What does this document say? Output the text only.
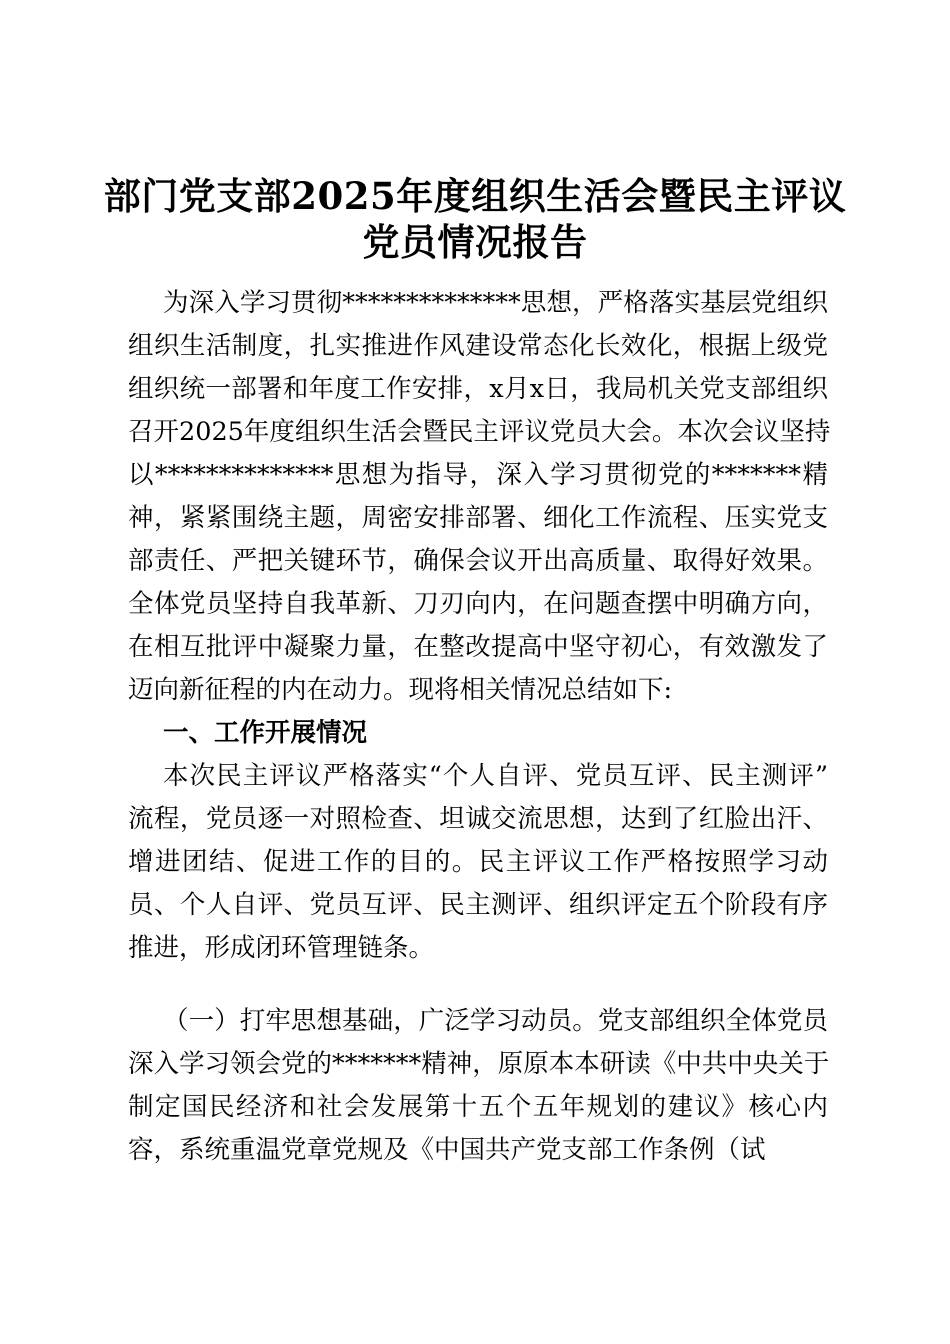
部门党支部2025年度组织生活会暨民主评议
党员情况报告
为深入学习贯彻**************思想，严格落实基层党组织
组织生活制度，扎实推进作风建设常态化长效化，根据上级党
组织统一部署和年度工作安排，x月x日，我局机关党支部组织
召开2025年度组织生活会暨民主评议党员大会。本次会议坚持
以**************思想为指导，深入学习贯彻党的*******精
神，紧紧围绕主题，周密安排部署、细化工作流程、压实党支
部责任、严把关键环节，确保会议开出高质量、取得好效果。
全体党员坚持自我革新、刀刃向内，在问题查摆中明确方向，
在相互批评中凝聚力量，在整改提高中坚守初心，有效激发了
迈向新征程的内在动力。现将相关情况总结如下:
一、工作开展情况
本次民主评议严格落实“个人自评、党员互评、民主测评”
流程，党员逐一对照检查、坦诚交流思想，达到了红脸出汗、
增进团结、促进工作的目的。民主评议工作严格按照学习动
员、个人自评、党员互评、民主测评、组织评定五个阶段有序
推进，形成闭环管理链条。
（一）打牢思想基础，广泛学习动员。党支部组织全体党员
深入学习领会党的*******精神，原原本本研读《中共中央关于
制定国民经济和社会发展第十五个五年规划的建议》核心内
容，系统重温党章党规及《中国共产党支部工作条例（试
